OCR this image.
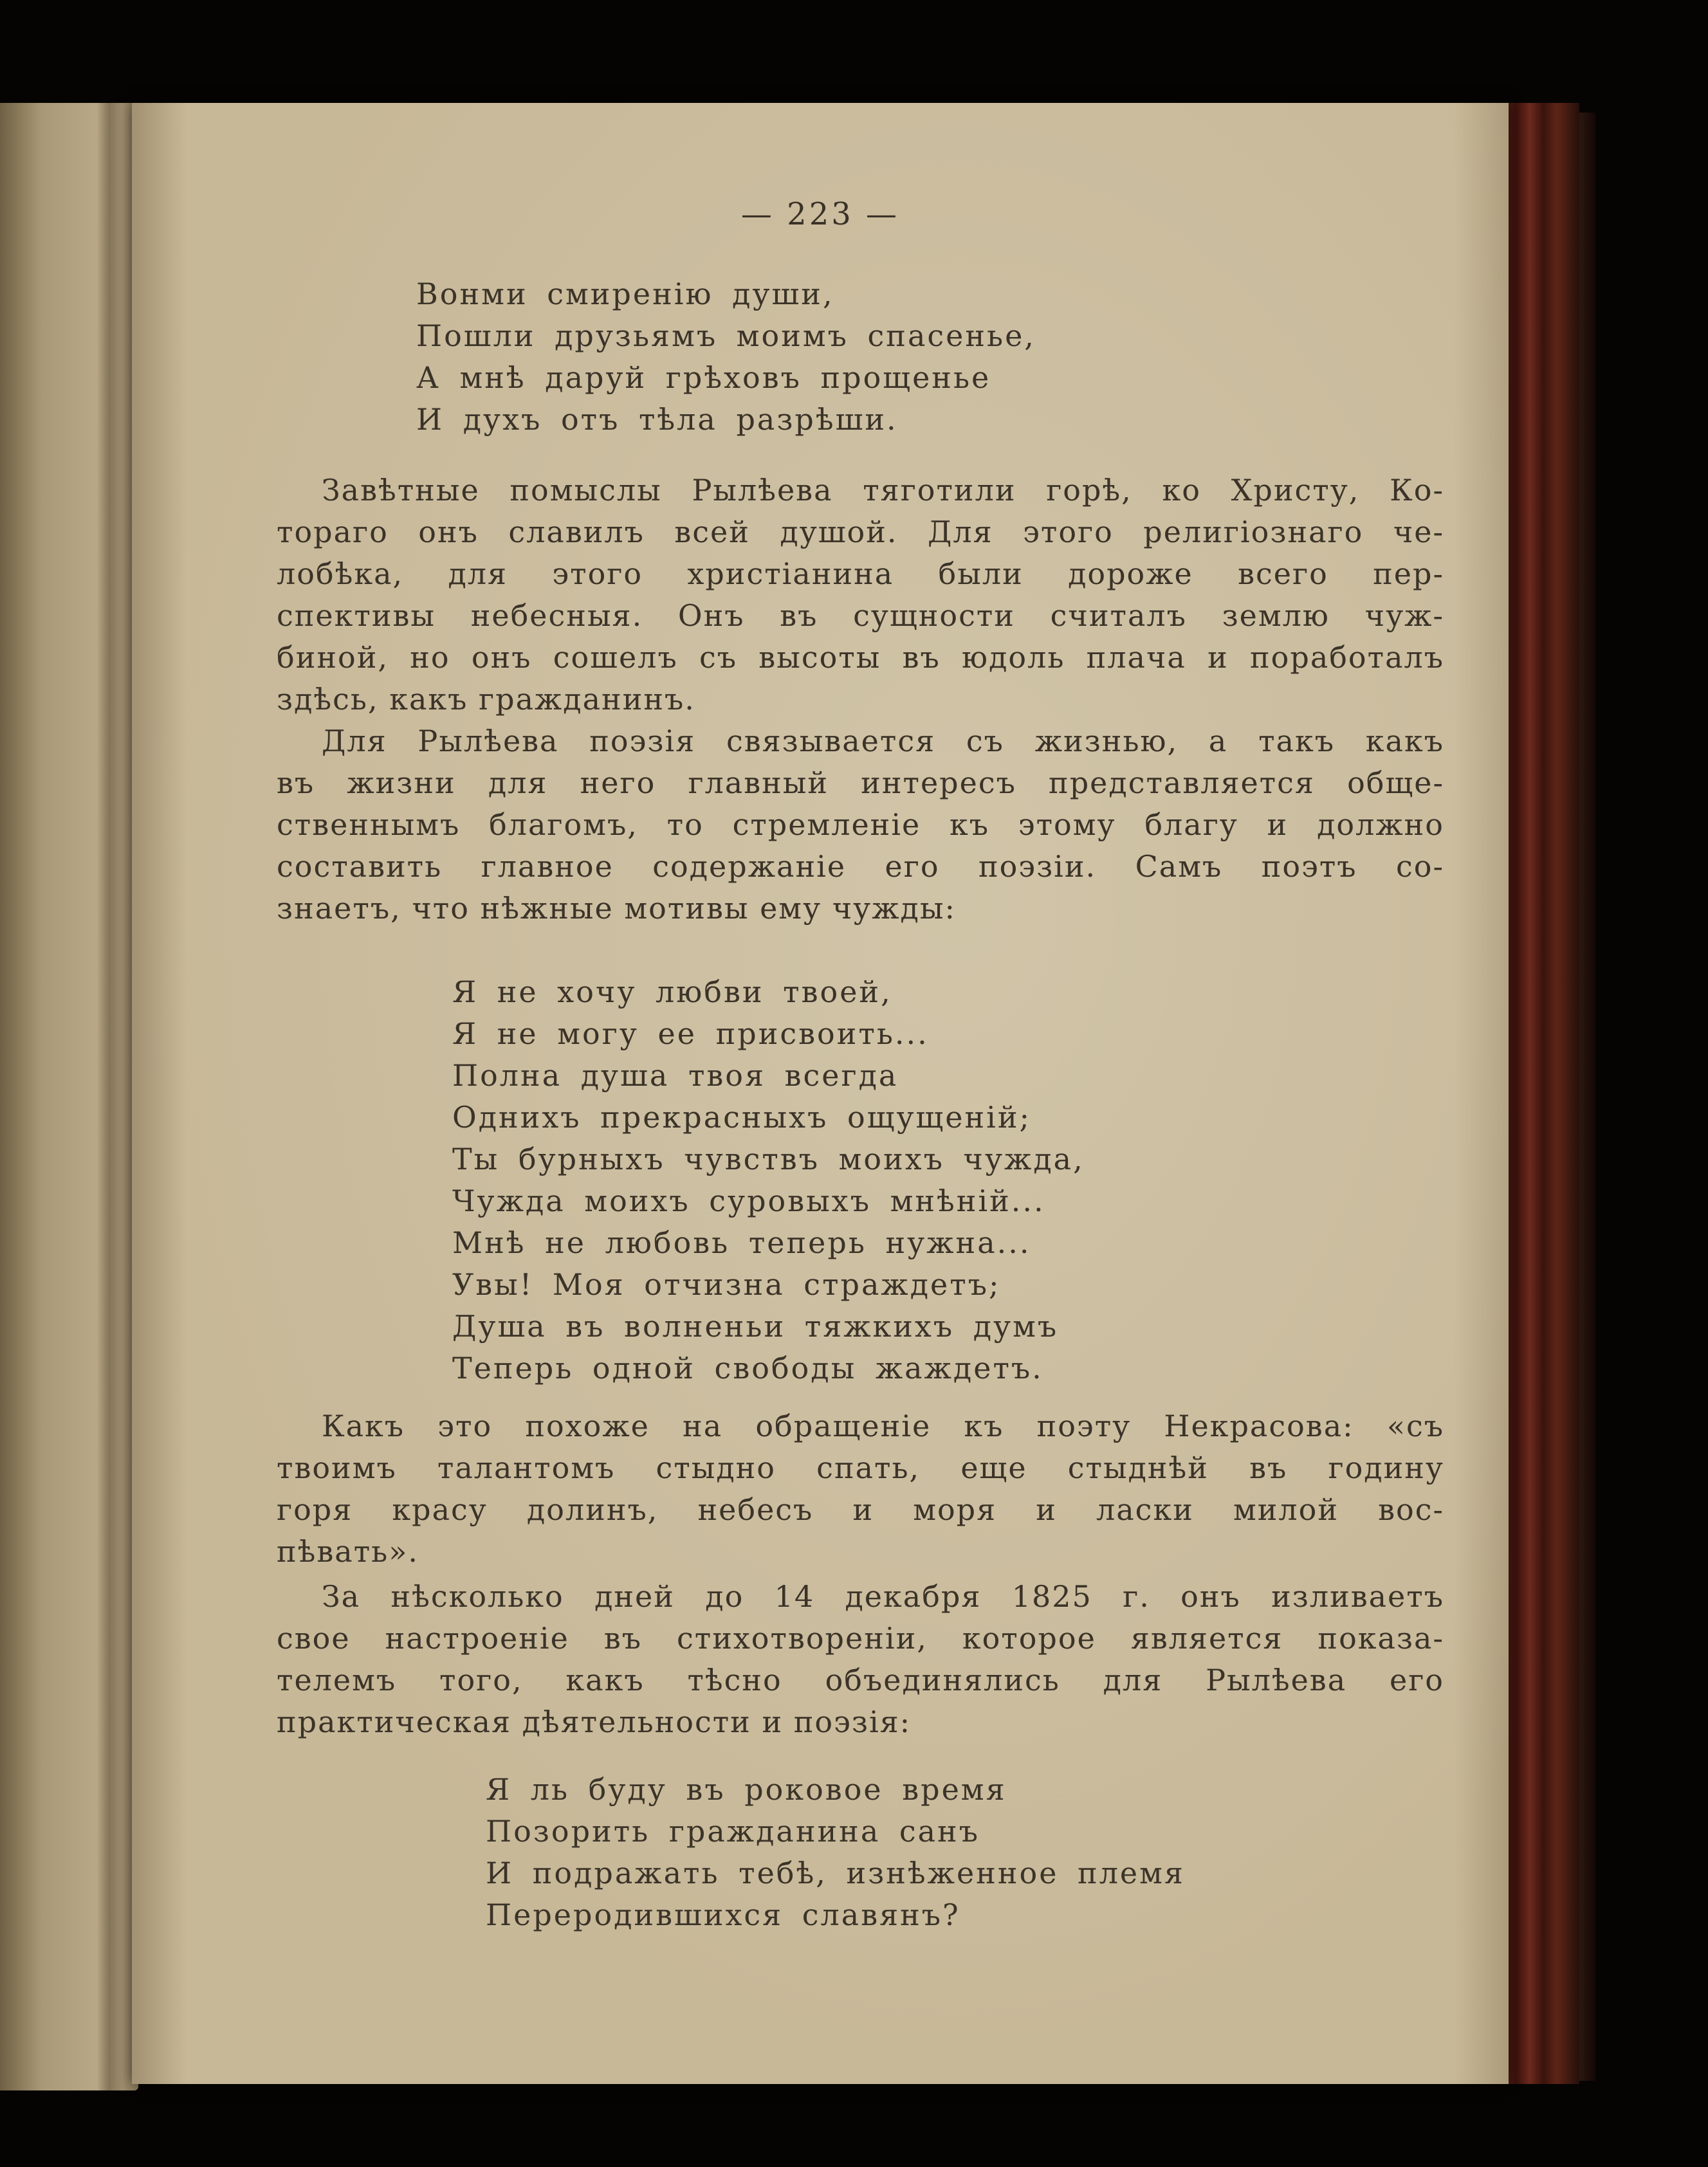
— 223 —
Вонми смиренію души,
Пошли друзьямъ моимъ спасенье,
А мнѣ даруй грѣховъ прощенье
И духъ отъ тѣла разрѣши.
Завѣтные помыслы Рылѣева тяготили горѣ, ко Христу, Ко-
тораго онъ славилъ всей душой. Для этого религіознаго че-
лобѣка, для этого христіанина были дороже всего пер-
спективы небесныя. Онъ въ сущности считалъ землю чуж-
биной, но онъ сошелъ съ высоты въ юдоль плача и поработалъ
здѣсь, какъ гражданинъ.
Для Рылѣева поэзія связывается съ жизнью, а такъ какъ
въ жизни для него главный интересъ представляется обще-
ственнымъ благомъ, то стремленіе къ этому благу и должно
составить главное содержаніе его поэзіи. Самъ поэтъ со-
знаетъ, что нѣжные мотивы ему чужды:
Я не хочу любви твоей,
Я не могу ее присвоить...
Полна душа твоя всегда
Однихъ прекрасныхъ ощущеній;
Ты бурныхъ чувствъ моихъ чужда,
Чужда моихъ суровыхъ мнѣній...
Мнѣ не любовь теперь нужна...
Увы! Моя отчизна страждетъ;
Душа въ волненьи тяжкихъ думъ
Теперь одной свободы жаждетъ.
Какъ это похоже на обращеніе къ поэту Некрасова: «съ
твоимъ талантомъ стыдно спать, еще стыднѣй въ годину
горя красу долинъ, небесъ и моря и ласки милой вос-
пѣвать».
За нѣсколько дней до 14 декабря 1825 г. онъ изливаетъ
свое настроеніе въ стихотвореніи, которое является показа-
телемъ того, какъ тѣсно объединялись для Рылѣева его
практическая дѣятельности и поэзія:
Я ль буду въ роковое время
Позорить гражданина санъ
И подражать тебѣ, изнѣженное племя
Переродившихся славянъ?
